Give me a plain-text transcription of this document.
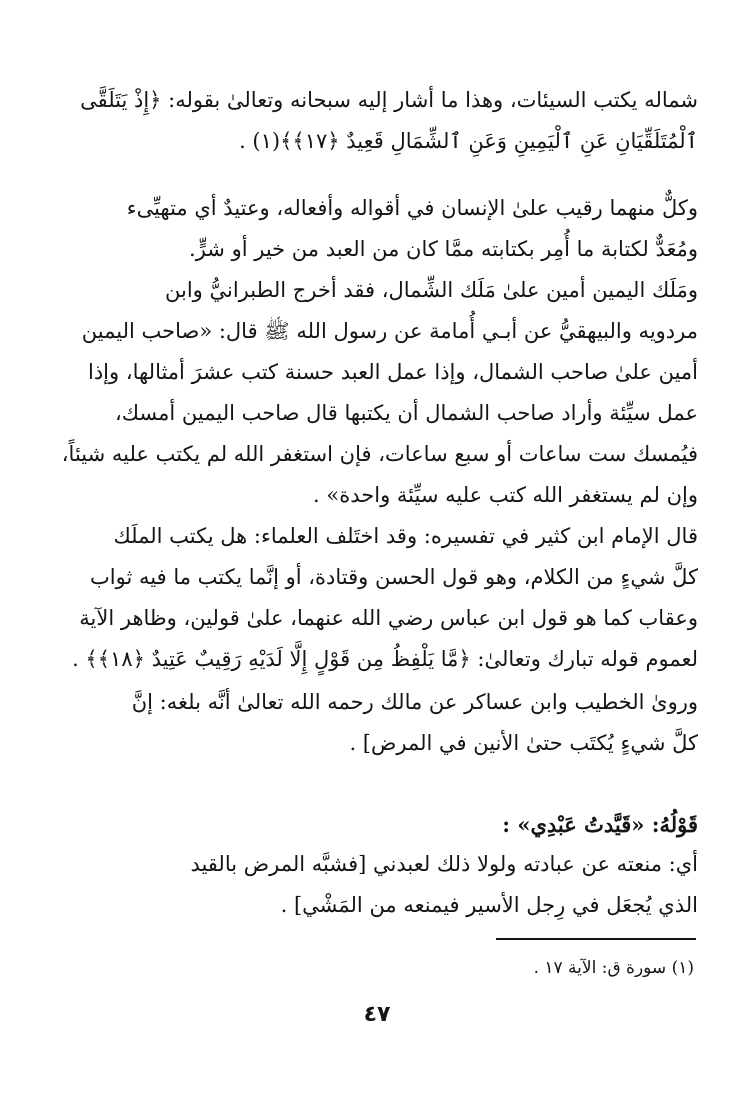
شماله يكتب السيئات، وهذا ما أشار إليه سبحانه وتعالىٰ بقوله: ﴿إِذْ يَتَلَقَّى
ٱلْمُتَلَقِّيَانِ عَنِ ٱلْيَمِينِ وَعَنِ ٱلشِّمَالِ قَعِيدٌ ﴿١٧﴾﴾(١) .

وكلٌّ منهما رقيب علىٰ الإنسان في أقواله وأفعاله، وعتيدٌ أي متهيِّىء
ومُعَدٌّ لكتابة ما أُمِر بكتابته ممَّا كان من العبد من خير أو شرٍّ.

ومَلَك اليمين أمين علىٰ مَلَك الشِّمال، فقد أخرج الطبرانيُّ وابن
مردويه والبيهقيُّ عن أبـي أُمامة عن رسول الله ﷺ قال: «صاحب اليمين
أمين علىٰ صاحب الشمال، وإذا عمل العبد حسنة كتب عشرَ أمثالها، وإذا
عمل سيِّئة وأراد صاحب الشمال أن يكتبها قال صاحب اليمين أمسك،
فيُمسك ست ساعات أو سبع ساعات، فإن استغفر الله لم يكتب عليه شيئاً،
وإن لم يستغفر الله كتب عليه سيِّئة واحدة» .

قال الإمام ابن كثير في تفسيره: وقد اختَلف العلماء: هل يكتب الملَك
كلَّ شيءٍ من الكلام، وهو قول الحسن وقتادة، أو إنَّما يكتب ما فيه ثواب
وعقاب كما هو قول ابن عباس رضي الله عنهما، علىٰ قولين، وظاهر الآية
لعموم قوله تبارك وتعالىٰ: ﴿مَّا يَلْفِظُ مِن قَوْلٍ إِلَّا لَدَيْهِ رَقِيبٌ عَتِيدٌ ﴿١٨﴾﴾ .

ورویٰ الخطيب وابن عساكر عن مالك رحمه الله تعالىٰ أنَّه بلغه: إنَّ
كلَّ شيءٍ يُكتَب حتىٰ الأنين في المرض] .

قَوْلُهُ: «قَيَّدتُ عَبْدِي» :

أي: منعته عن عبادته ولولا ذلك لعبدني [فشبَّه المرض بالقيد
الذي يُجعَل في رِجل الأسير فيمنعه من المَشْي] .

(١) سورة ق: الآية ١٧ .

٤٧
